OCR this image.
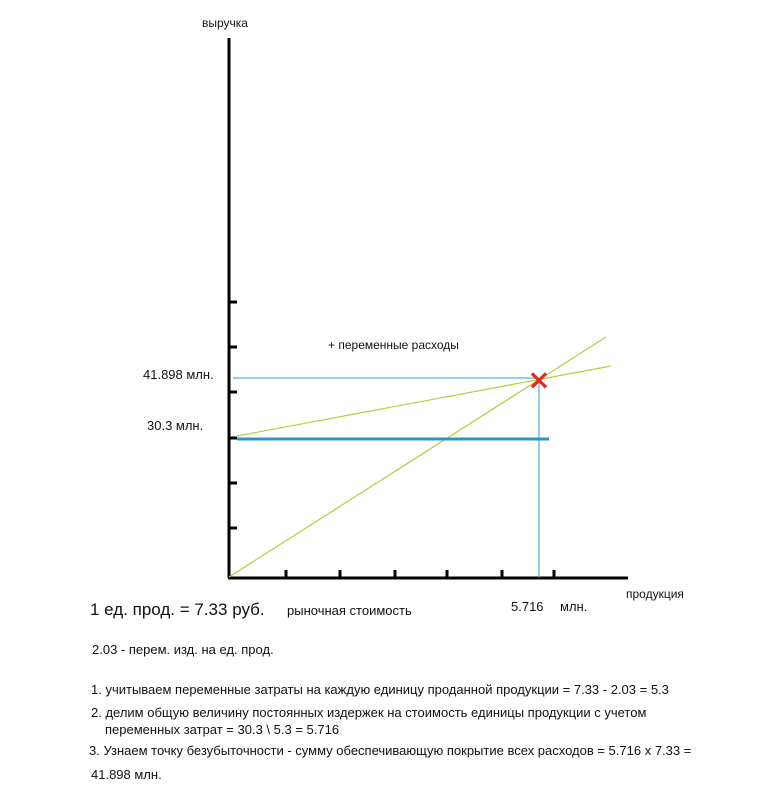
×
выручка
продукция
+ переменные расходы
41.898 млн.
30.3 млн.
5.716 млн.
1 ед. прод. = 7.33 руб. рыночная стоимость
2.03 - перем. изд. на ед. прод.
1. учитываем переменные затраты на каждую единицу проданной продукции = 7.33 - 2.03 = 5.3
2. делим общую величину постоянных издержек на стоимость единицы продукции с учетом
переменных затрат = 30.3 \ 5.3 = 5.716
3. Узнаем точку безубыточности - сумму обеспечивающую покрытие всех расходов = 5.716 x 7.33 =
41.898 млн.
